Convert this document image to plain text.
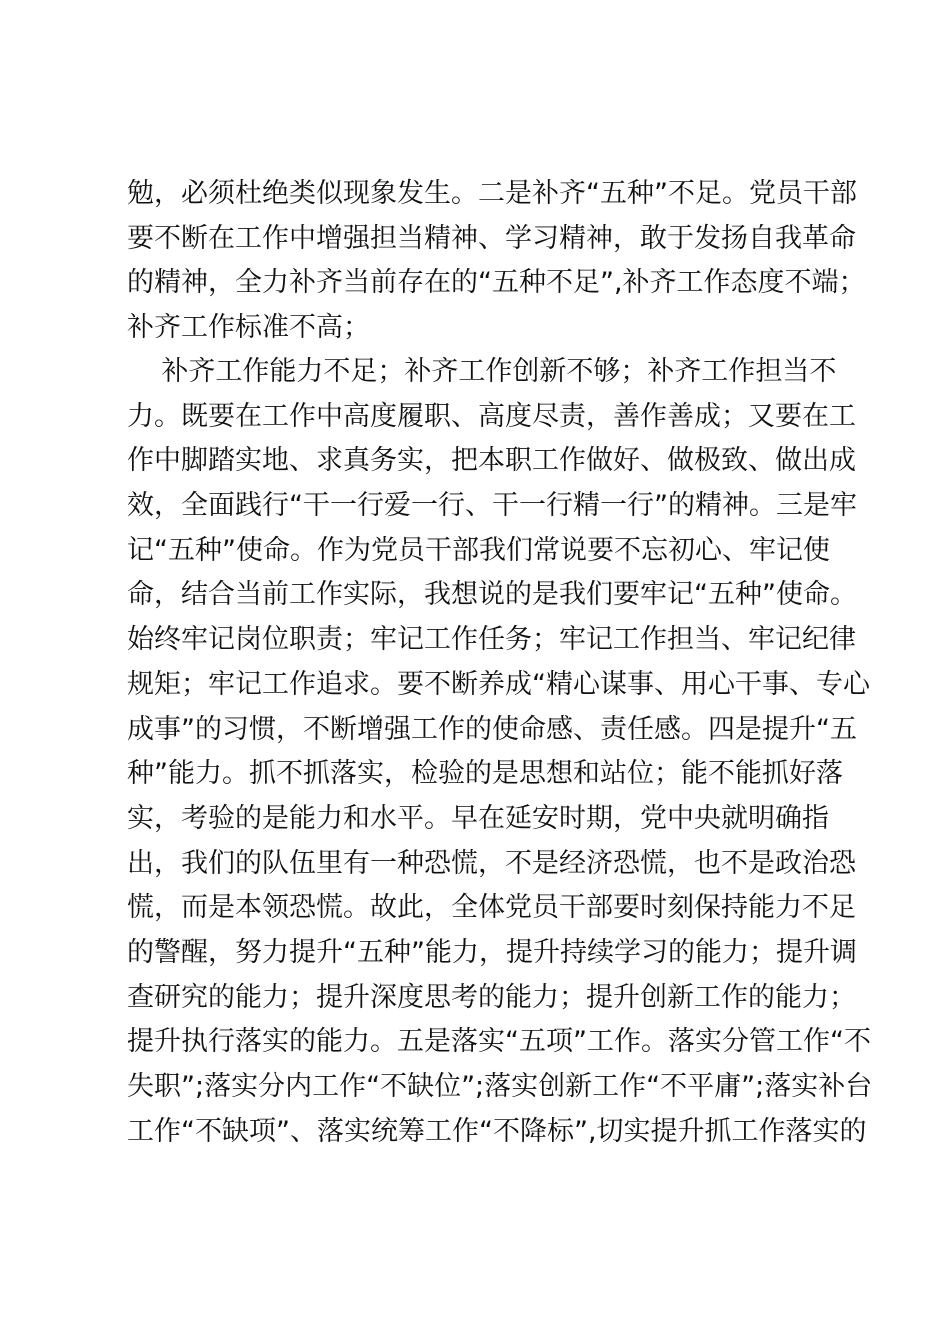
勉，必须杜绝类似现象发生。二是补齐“五种”不足。党员干部
要不断在工作中增强担当精神、学习精神，敢于发扬自我革命
的精神，全力补齐当前存在的“五种不足”,补齐工作态度不端；
补齐工作标准不高；
补齐工作能力不足；补齐工作创新不够；补齐工作担当不
力。既要在工作中高度履职、高度尽责，善作善成；又要在工
作中脚踏实地、求真务实，把本职工作做好、做极致、做出成
效，全面践行“干一行爱一行、干一行精一行”的精神。三是牢
记“五种”使命。作为党员干部我们常说要不忘初心、牢记使
命，结合当前工作实际，我想说的是我们要牢记“五种”使命。
始终牢记岗位职责；牢记工作任务；牢记工作担当、牢记纪律
规矩；牢记工作追求。要不断养成“精心谋事、用心干事、专心
成事”的习惯，不断增强工作的使命感、责任感。四是提升“五
种”能力。抓不抓落实，检验的是思想和站位；能不能抓好落
实，考验的是能力和水平。早在延安时期，党中央就明确指
出，我们的队伍里有一种恐慌，不是经济恐慌，也不是政治恐
慌，而是本领恐慌。故此，全体党员干部要时刻保持能力不足
的警醒，努力提升“五种”能力，提升持续学习的能力；提升调
查研究的能力；提升深度思考的能力；提升创新工作的能力；
提升执行落实的能力。五是落实“五项”工作。落实分管工作“不
失职”;落实分内工作“不缺位”;落实创新工作“不平庸”;落实补台
工作“不缺项”、落实统筹工作“不降标”,切实提升抓工作落实的
